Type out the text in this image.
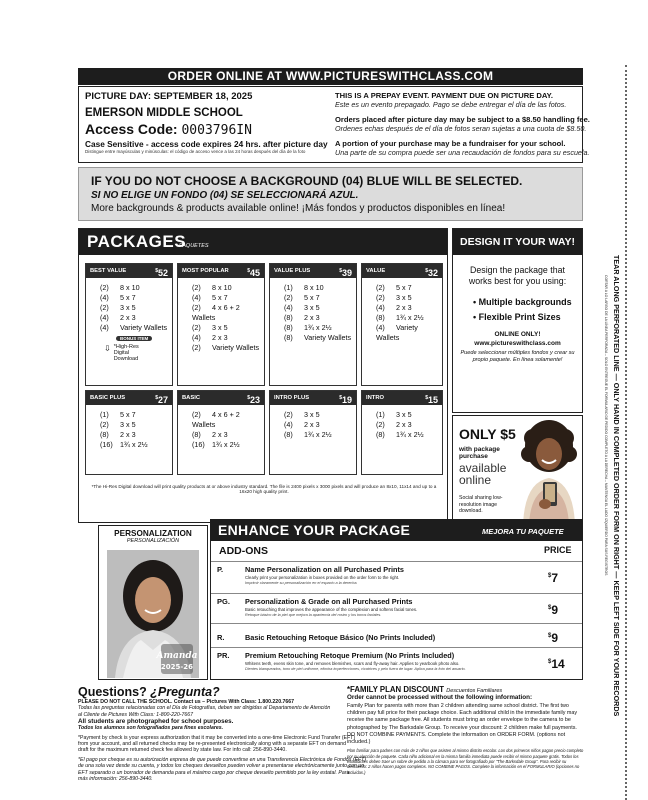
ORDER ONLINE AT WWW.PICTURESWITHCLASS.COM
PICTURE DAY: SEPTEMBER 18, 2025
EMERSON MIDDLE SCHOOL
Access Code: 0003796IN
Case Sensitive - access code expires 24 hrs. after picture day
Distingue entre mayúsculas y minúsculas: el código de acceso vence a las 24 horas después del día de la foto
THIS IS A PREPAY EVENT. PAYMENT DUE ON PICTURE DAY.
Este es un evento prepagado. Pago se debe entregar el día de las fotos.
Orders placed after picture day may be subject to a $8.50 handling fee.
Ordenes echas después de el día de fotos seran sujetas a una cuota de $8.50.
A portion of your purchase may be a fundraiser for your school.
Una parte de su compra puede ser una recaudación de fondos para su escuela.
IF YOU DO NOT CHOOSE A BACKGROUND (04) BLUE WILL BE SELECTED.
SI NO ELIGE UN FONDO (04) SE SELECCIONARÁ AZUL.
More backgrounds & products available online! ¡Más fondos y productos disponibles en línea!
PACKAGES
PAQUETES
BEST VALUE	$52
(2) 8 x 10
(4) 5 x 7
(2) 3 x 5
(4) 2 x 3
(4) Variety Wallets
BONUS ITEM
⇩ *High-Res Digital Download
MOST POPULAR	$45
(2) 8 x 10
(4) 5 x 7
(2) 4 x 6 + 2 Wallets
(2) 3 x 5
(4) 2 x 3
(2) Variety Wallets
VALUE PLUS	$39
(1) 8 x 10
(2) 5 x 7
(4) 3 x 5
(8) 2 x 3
(8) 1¾ x 2½
(8) Variety Wallets
VALUE	$32
(2) 5 x 7
(2) 3 x 5
(4) 2 x 3
(8) 1¾ x 2½
(4) Variety Wallets
BASIC PLUS	$27
(1) 5 x 7
(2) 3 x 5
(8) 2 x 3
(16) 1¾ x 2½
BASIC	$23
(2) 4 x 6 + 2 Wallets
(8) 2 x 3
(16) 1¾ x 2½
INTRO PLUS	$19
(2) 3 x 5
(4) 2 x 3
(8) 1¾ x 2½
INTRO	$15
(1) 3 x 5
(2) 2 x 3
(8) 1¾ x 2½
*The Hi-Res Digital download will print quality products at or above industry standard. The file is 2400 pixels x 3000 pixels and will produce an 8x10, 11x14 and up to a 16x20 high quality print.
DESIGN IT YOUR WAY!
Design the package that works best for you using:
• Multiple backgrounds
• Flexible Print Sizes
ONLINE ONLY!
www.pictureswithclass.com
Puede seleccionar múltiples fondos y crear su propio paquete. En línea solamente!
ONLY $5
with package purchase
available online
Social sharing low-resolution image download.
PERSONALIZATION
PERSONALIZACIÓN
Amanda
2025-26
ENHANCE YOUR PACKAGE	MEJORA TU PAQUETE
ADD-ONS	PRICE
P.	Name Personalization on all Purchased Prints
Clearly print your personalization in boxes provided on the order form to the right.
Imprimir claramente su personalización en el espacio a la derecha.
$7
PG. Personalization & Grade on all Purchased Prints
Basic retouching that improves the appearance of the complexion and softens facial tones.
Retoque básico de la piel que mejora la apariencia del rostro y los tonos faciales.
$9
R.	Basic Retouching Retoque Básico (No Prints Included)	$9
PR. Premium Retouching Retoque Premium (No Prints Included)
Whitens teeth, evens skin tone, and removes blemishes, scars and fly-away hair. Applies to yearbook photo also.
Dientes blanqueados, tono de piel uniforme, elimina imperfecciones, cicatrices y pelo fuera de lugar. Aplica para la foto del anuario.
$14
Questions? ¿Pregunta?
PLEASE DO NOT CALL THE SCHOOL. Contact us – Pictures With Class: 1.800.220.7667
Todas las preguntas relacionadas con el Día de Fotografías, deben ser dirigidas al Departamento de Atención
al Cliente de Pictures With Class: 1-800-220-7667
All students are photographed for school purposes.
Todos los alumnos son fotografiados para fines escolares.
*Payment by check is your express authorization that it may be converted into a one-time Electronic Fund Transfer (EFT)
from your account, and all returned checks may be re-presented electronically along with a separate EFT on demand
draft for the maximum returned check fee allowed by state law. For info call: 256-890-3440.
*El pago por cheque es su autorización expresa de que puede convertirse en una Transferencia Electrónica de Fondos (EFT)
de una sola vez desde su cuenta, y todos los cheques devueltos pueden volver a presentarse electrónicamente junto con un
EFT separado o un borrador de demanda para el máximo cargo por cheque devuelto permitido por la ley estatal. Para
más información: 256-890-3440.
*FAMILY PLAN DISCOUNT Descuentos Familiares
Order cannot be processed without the following information:
Family Plan for parents with more than 2 children attending same school district. The first two children pay full price for their package choice. Each additional child in the immediate family may receive the same package free. All students must bring an order envelope to the camera to be photographed by The Barksdale Group. To receive your discount: 2 children make full payments. DO NOT COMBINE PAYMENTS. Complete the information on ORDER FORM. (options not included.)
Plan familiar para padres con más de 2 niños que asisten al mismo distrito escolar. Los dos primeros niños pagan precio completo por su elección de paquete. Cada niño adicional en la misma familia inmediata puede recibir el mismo paquete gratis. Todos los estudiantes deben traer un sobre de pedido a la cámara para ser fotografiado por "The Barksdale Group". Para recibir su descuento: 2 niños hacen pagos completos. NO COMBINE PAGOS. Complete la información en el FORMULARIO (opciones no incluidas.)
TEAR ALONG PERFORATED LINE — ONLY HAND IN COMPLETED ORDER FORM ON RIGHT — KEEP LEFT SIDE FOR YOUR RECORDS
CORTAR A LO LARGO DE LA LÍNEA PERFORADA – SOLO ENTREGUE EL FORMULARIO DE PEDIDO COMPLETO A LA DERECHA – MANTENGA EL LADO IZQUIERDO PARA SUS REGISTROS
